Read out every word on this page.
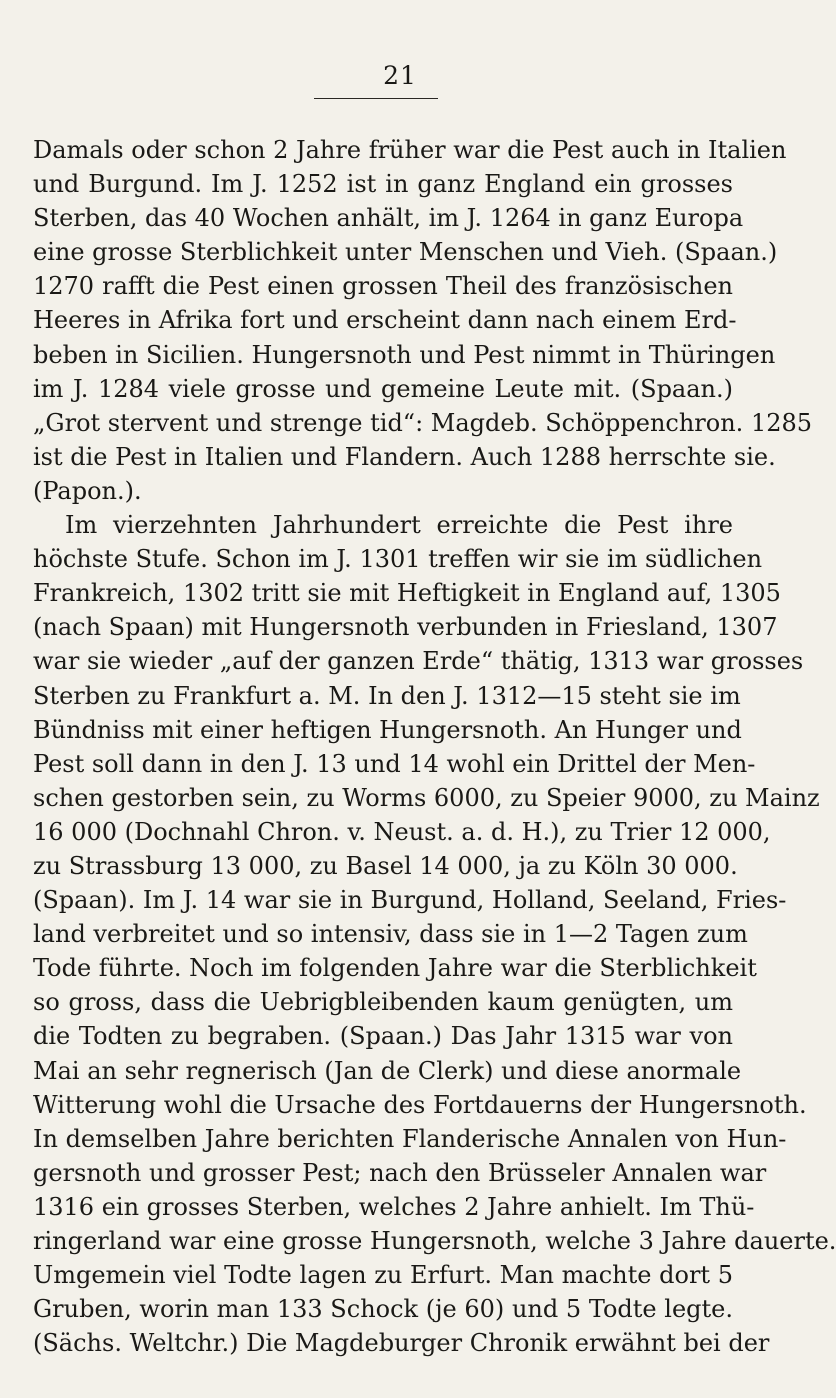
21
Damals oder schon 2 Jahre früher war die Pest auch in Italien
und Burgund. Im J. 1252 ist in ganz England ein grosses
Sterben, das 40 Wochen anhält, im J. 1264 in ganz Europa
eine grosse Sterblichkeit unter Menschen und Vieh. (Spaan.)
1270 rafft die Pest einen grossen Theil des französischen
Heeres in Afrika fort und erscheint dann nach einem Erd-
beben in Sicilien. Hungersnoth und Pest nimmt in Thüringen
im J. 1284 viele grosse und gemeine Leute mit. (Spaan.)
„Grot stervent und strenge tid“: Magdeb. Schöppenchron. 1285
ist die Pest in Italien und Flandern. Auch 1288 herrschte sie.
(Papon.).
Im vierzehnten Jahrhundert erreichte die Pest ihre
höchste Stufe. Schon im J. 1301 treffen wir sie im südlichen
Frankreich, 1302 tritt sie mit Heftigkeit in England auf, 1305
(nach Spaan) mit Hungersnoth verbunden in Friesland, 1307
war sie wieder „auf der ganzen Erde“ thätig, 1313 war grosses
Sterben zu Frankfurt a. M. In den J. 1312—15 steht sie im
Bündniss mit einer heftigen Hungersnoth. An Hunger und
Pest soll dann in den J. 13 und 14 wohl ein Drittel der Men-
schen gestorben sein, zu Worms 6000, zu Speier 9000, zu Mainz
16 000 (Dochnahl Chron. v. Neust. a. d. H.), zu Trier 12 000,
zu Strassburg 13 000, zu Basel 14 000, ja zu Köln 30 000.
(Spaan). Im J. 14 war sie in Burgund, Holland, Seeland, Fries-
land verbreitet und so intensiv, dass sie in 1—2 Tagen zum
Tode führte. Noch im folgenden Jahre war die Sterblichkeit
so gross, dass die Uebrigbleibenden kaum genügten, um
die Todten zu begraben. (Spaan.) Das Jahr 1315 war von
Mai an sehr regnerisch (Jan de Clerk) und diese anormale
Witterung wohl die Ursache des Fortdauerns der Hungersnoth.
In demselben Jahre berichten Flanderische Annalen von Hun-
gersnoth und grosser Pest; nach den Brüsseler Annalen war
1316 ein grosses Sterben, welches 2 Jahre anhielt. Im Thü-
ringerland war eine grosse Hungersnoth, welche 3 Jahre dauerte.
Umgemein viel Todte lagen zu Erfurt. Man machte dort 5
Gruben, worin man 133 Schock (je 60) und 5 Todte legte.
(Sächs. Weltchr.) Die Magdeburger Chronik erwähnt bei der
